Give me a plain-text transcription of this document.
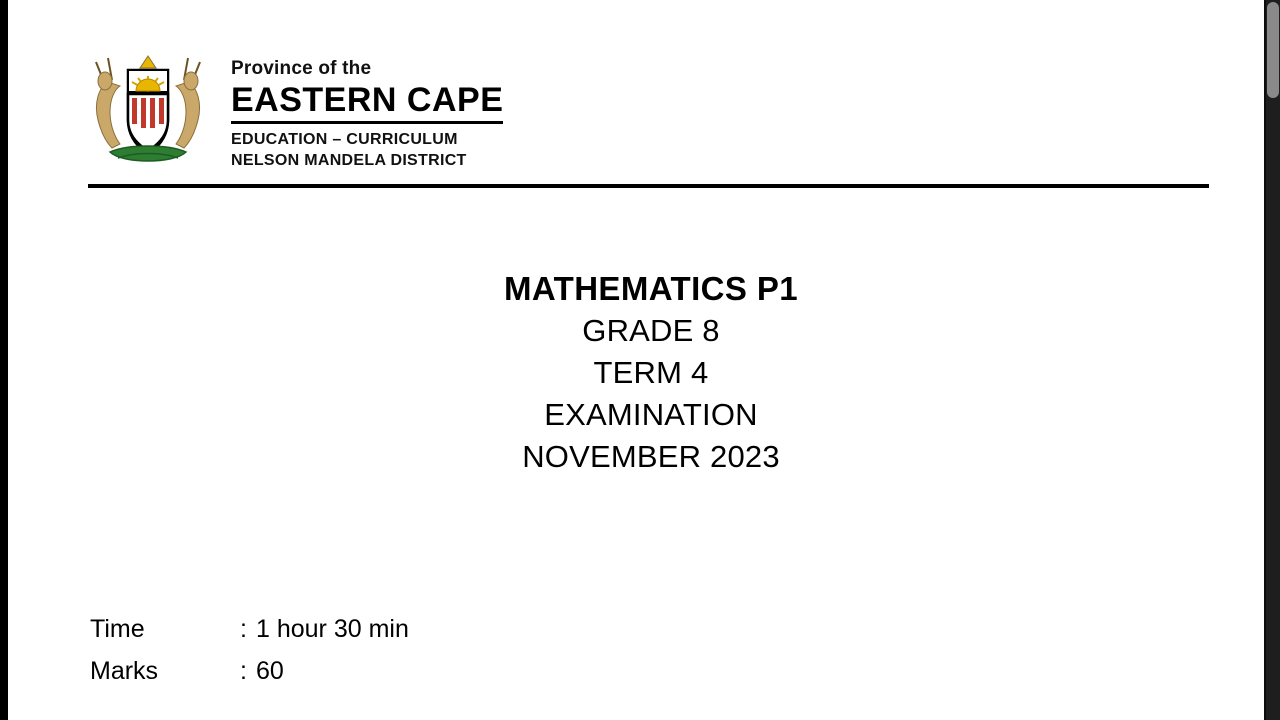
Province of the
EASTERN CAPE
EDUCATION – CURRICULUM
NELSON MANDELA DISTRICT
MATHEMATICS P1
GRADE 8
TERM 4
EXAMINATION
NOVEMBER 2023
Time	: 1 hour 30 min
Marks	: 60
